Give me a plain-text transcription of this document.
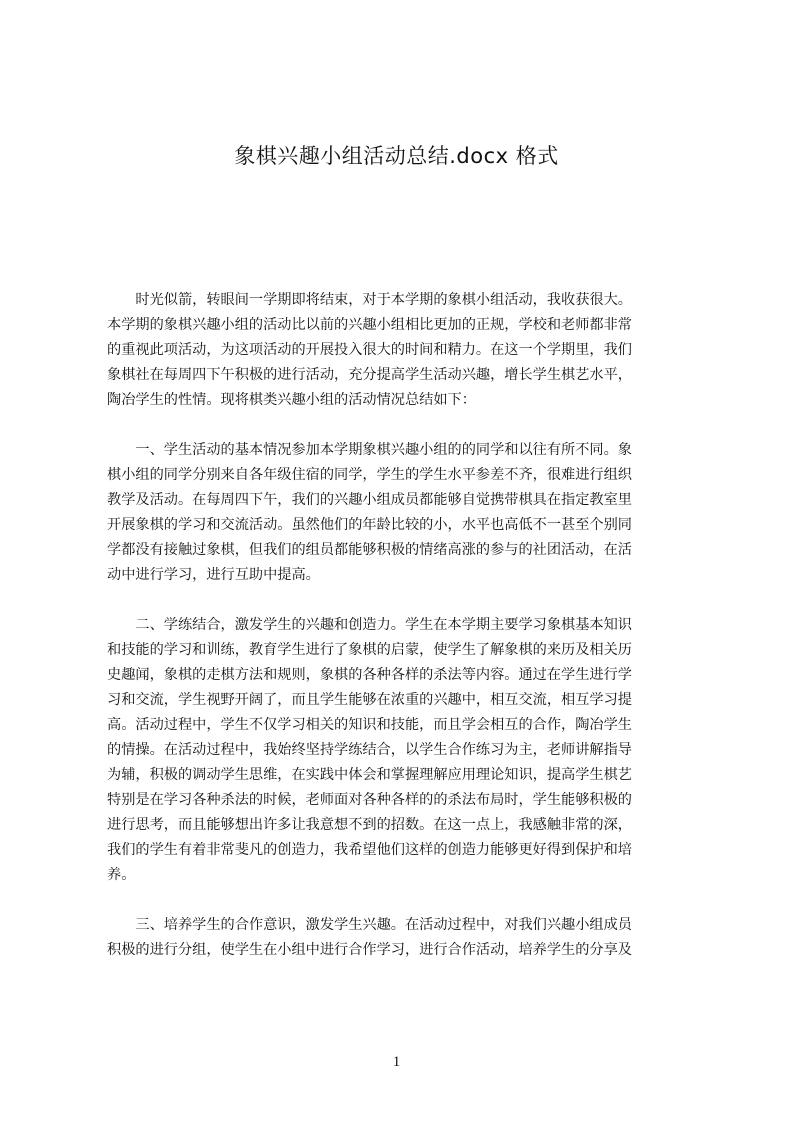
象棋兴趣小组活动总结.docx 格式
　　时光似箭，转眼间一学期即将结束，对于本学期的象棋小组活动，我收获很大。
本学期的象棋兴趣小组的活动比以前的兴趣小组相比更加的正规，学校和老师都非常
的重视此项活动，为这项活动的开展投入很大的时间和精力。在这一个学期里，我们
象棋社在每周四下午积极的进行活动，充分提高学生活动兴趣，增长学生棋艺水平，
陶冶学生的性情。现将棋类兴趣小组的活动情况总结如下：
　　一、学生活动的基本情况参加本学期象棋兴趣小组的的同学和以往有所不同。象
棋小组的同学分别来自各年级住宿的同学，学生的学生水平参差不齐，很难进行组织
教学及活动。在每周四下午，我们的兴趣小组成员都能够自觉携带棋具在指定教室里
开展象棋的学习和交流活动。虽然他们的年龄比较的小，水平也高低不一甚至个别同
学都没有接触过象棋，但我们的组员都能够积极的情绪高涨的参与的社团活动，在活
动中进行学习，进行互助中提高。
　　二、学练结合，激发学生的兴趣和创造力。学生在本学期主要学习象棋基本知识
和技能的学习和训练，教育学生进行了象棋的启蒙，使学生了解象棋的来历及相关历
史趣闻，象棋的走棋方法和规则，象棋的各种各样的杀法等内容。通过在学生进行学
习和交流，学生视野开阔了，而且学生能够在浓重的兴趣中，相互交流，相互学习提
高。活动过程中，学生不仅学习相关的知识和技能，而且学会相互的合作，陶冶学生
的情操。在活动过程中，我始终坚持学练结合，以学生合作练习为主，老师讲解指导
为辅，积极的调动学生思维，在实践中体会和掌握理解应用理论知识，提高学生棋艺
特别是在学习各种杀法的时候，老师面对各种各样的的杀法布局时，学生能够积极的
进行思考，而且能够想出许多让我意想不到的招数。在这一点上，我感触非常的深，
我们的学生有着非常斐凡的创造力，我希望他们这样的创造力能够更好得到保护和培
养。
　　三、培养学生的合作意识，激发学生兴趣。在活动过程中，对我们兴趣小组成员
积极的进行分组，使学生在小组中进行合作学习，进行合作活动，培养学生的分享及
1
